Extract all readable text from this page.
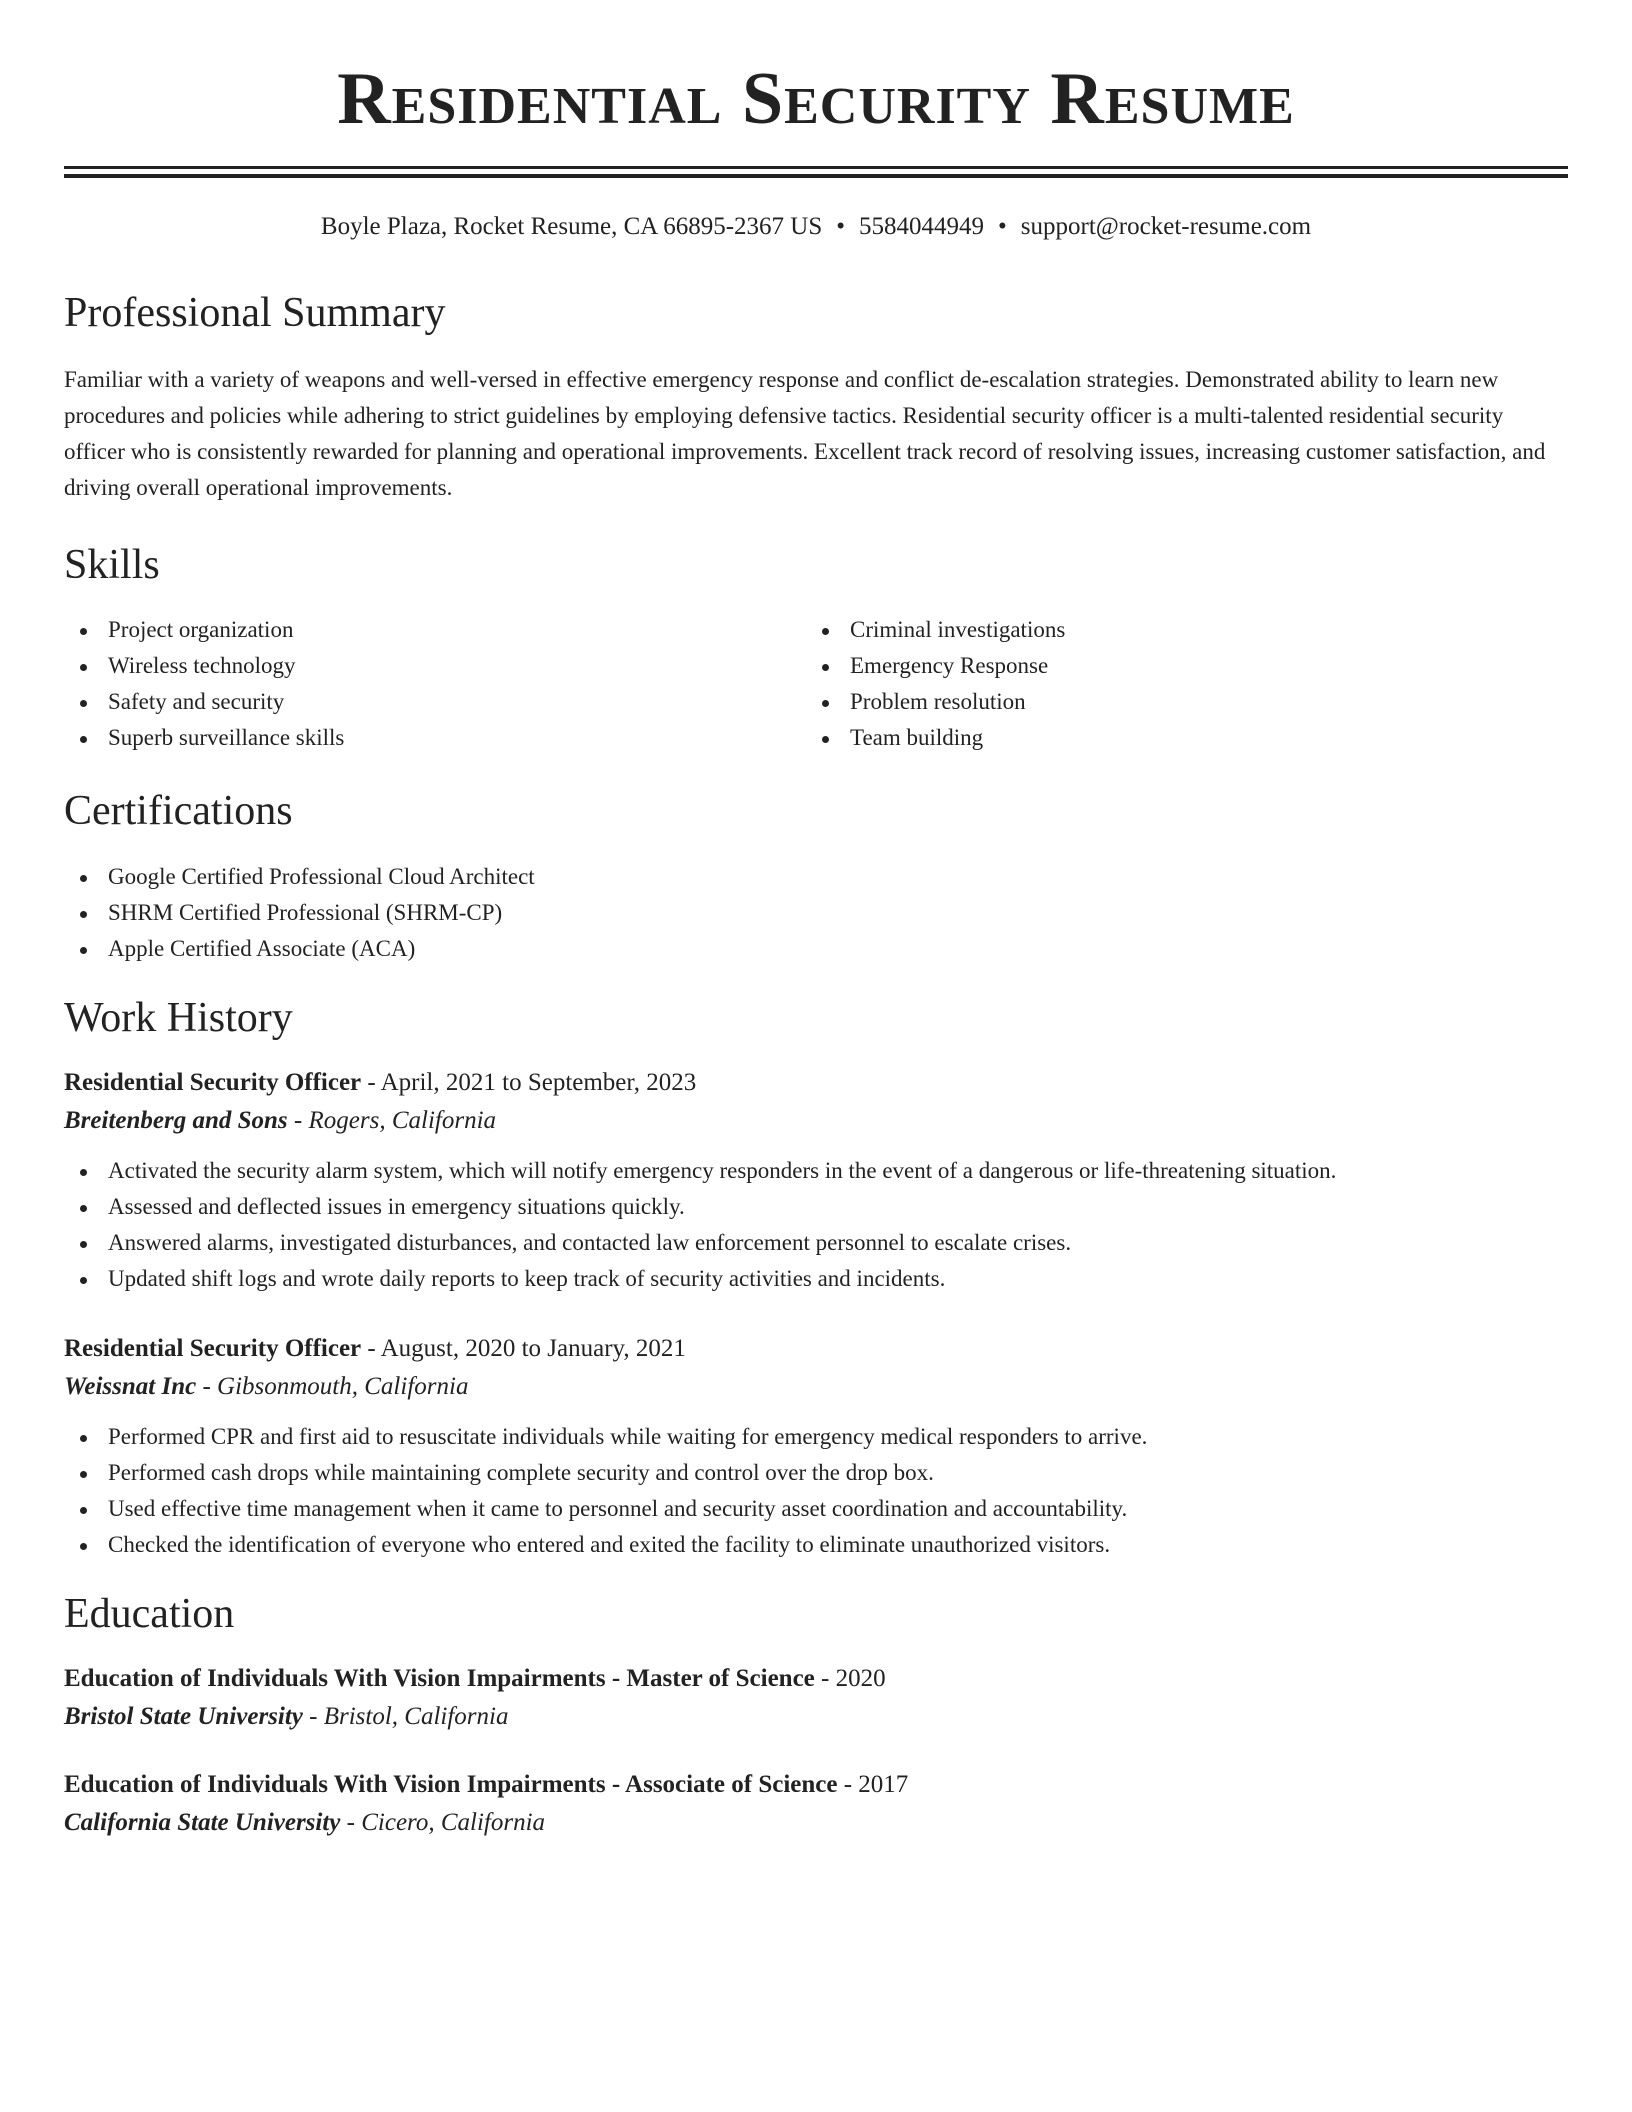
Residential Security Resume
Boyle Plaza, Rocket Resume, CA 66895-2367 US • 5584044949 • support@rocket-resume.com
Professional Summary

Familiar with a variety of weapons and well-versed in effective emergency response and conflict de-escalation strategies. Demonstrated ability to learn new procedures and policies while adhering to strict guidelines by employing defensive tactics. Residential security officer is a multi-talented residential security officer who is consistently rewarded for planning and operational improvements. Excellent track record of resolving issues, increasing customer satisfaction, and driving overall operational improvements.

Skills
Project organization
Wireless technology
Safety and security
Superb surveillance skills
Criminal investigations
Emergency Response
Problem resolution
Team building
Certifications
Google Certified Professional Cloud Architect
SHRM Certified Professional (SHRM-CP)
Apple Certified Associate (ACA)
Work History
Residential Security Officer - April, 2021 to September, 2023
Breitenberg and Sons - Rogers, California
Activated the security alarm system, which will notify emergency responders in the event of a dangerous or life-threatening situation.
Assessed and deflected issues in emergency situations quickly.
Answered alarms, investigated disturbances, and contacted law enforcement personnel to escalate crises.
Updated shift logs and wrote daily reports to keep track of security activities and incidents.
Residential Security Officer - August, 2020 to January, 2021
Weissnat Inc - Gibsonmouth, California
Performed CPR and first aid to resuscitate individuals while waiting for emergency medical responders to arrive.
Performed cash drops while maintaining complete security and control over the drop box.
Used effective time management when it came to personnel and security asset coordination and accountability.
Checked the identification of everyone who entered and exited the facility to eliminate unauthorized visitors.
Education
Education of Individuals With Vision Impairments - Master of Science - 2020
Bristol State University - Bristol, California
Education of Individuals With Vision Impairments - Associate of Science - 2017
California State University - Cicero, California
